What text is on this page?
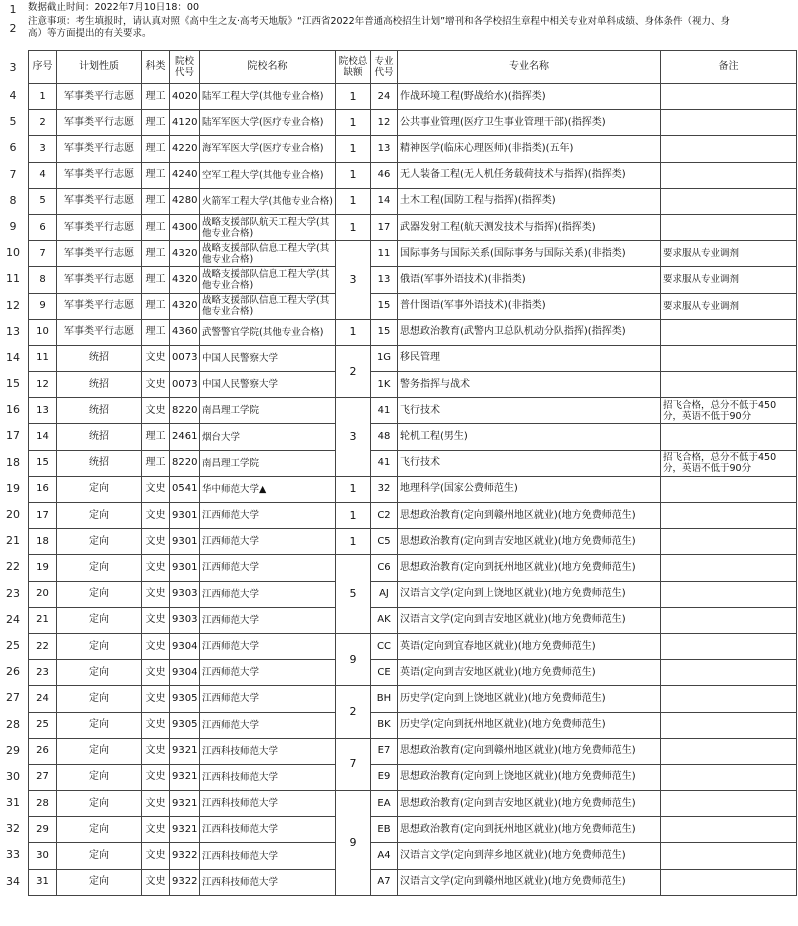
1
2
3
4
5
6
7
8
9
10
11
12
13
14
15
16
17
18
19
20
21
22
23
24
25
26
27
28
29
30
31
32
33
34
数据截止时间：2022年7月10日18：00
注意事项：考生填报时，请认真对照《高中生之友·高考天地版》“江西省2022年普通高校招生计划”增刊和各学校招生章程中相关专业对单科成绩、身体条件（视力、身
高）等方面提出的有关要求。
序号	计划性质	科类	院校代号	院校名称	院校总缺额	专业代号	专业名称	备注
1	军事类平行志愿	理工	4020	陆军工程大学(其他专业合格)	1	24	作战环境工程(野战给水)(指挥类)	
2	军事类平行志愿	理工	4120	陆军军医大学(医疗专业合格)	1	12	公共事业管理(医疗卫生事业管理干部)(指挥类)	
3	军事类平行志愿	理工	4220	海军军医大学(医疗专业合格)	1	13	精神医学(临床心理医师)(非指类)(五年)	
4	军事类平行志愿	理工	4240	空军工程大学(其他专业合格)	1	46	无人装备工程(无人机任务载荷技术与指挥)(指挥类)	
5	军事类平行志愿	理工	4280	火箭军工程大学(其他专业合格)	1	14	土木工程(国防工程与指挥)(指挥类)	
6	军事类平行志愿	理工	4300	战略支援部队航天工程大学(其他专业合格)	1	17	武器发射工程(航天测发技术与指挥)(指挥类)	
7	军事类平行志愿	理工	4320	战略支援部队信息工程大学(其他专业合格)	3	11	国际事务与国际关系(国际事务与国际关系)(非指类)	要求服从专业调剂
8	军事类平行志愿	理工	4320	战略支援部队信息工程大学(其他专业合格)		13	俄语(军事外语技术)(非指类)	要求服从专业调剂
9	军事类平行志愿	理工	4320	战略支援部队信息工程大学(其他专业合格)		15	普什图语(军事外语技术)(非指类)	要求服从专业调剂
10	军事类平行志愿	理工	4360	武警警官学院(其他专业合格)	1	15	思想政治教育(武警内卫总队机动分队指挥)(指挥类)	
11	统招	文史	0073	中国人民警察大学	2	1G	移民管理	
12	统招	文史	0073	中国人民警察大学		1K	警务指挥与战术	
13	统招	文史	8220	南昌理工学院	3	41	飞行技术	招飞合格，总分不低于450分，英语不低于90分
14	统招	理工	2461	烟台大学		48	轮机工程(男生)	
15	统招	理工	8220	南昌理工学院		41	飞行技术	招飞合格，总分不低于450分，英语不低于90分
16	定向	文史	0541	华中师范大学▲	1	32	地理科学(国家公费师范生)	
17	定向	文史	9301	江西师范大学	1	C2	思想政治教育(定向到赣州地区就业)(地方免费师范生)	
18	定向	文史	9301	江西师范大学	1	C5	思想政治教育(定向到吉安地区就业)(地方免费师范生)	
19	定向	文史	9301	江西师范大学	5	C6	思想政治教育(定向到抚州地区就业)(地方免费师范生)	
20	定向	文史	9303	江西师范大学		AJ	汉语言文学(定向到上饶地区就业)(地方免费师范生)	
21	定向	文史	9303	江西师范大学		AK	汉语言文学(定向到吉安地区就业)(地方免费师范生)	
22	定向	文史	9304	江西师范大学	9	CC	英语(定向到宜春地区就业)(地方免费师范生)	
23	定向	文史	9304	江西师范大学		CE	英语(定向到吉安地区就业)(地方免费师范生)	
24	定向	文史	9305	江西师范大学	2	BH	历史学(定向到上饶地区就业)(地方免费师范生)	
25	定向	文史	9305	江西师范大学		BK	历史学(定向到抚州地区就业)(地方免费师范生)	
26	定向	文史	9321	江西科技师范大学	7	E7	思想政治教育(定向到赣州地区就业)(地方免费师范生)	
27	定向	文史	9321	江西科技师范大学		E9	思想政治教育(定向到上饶地区就业)(地方免费师范生)	
28	定向	文史	9321	江西科技师范大学	9	EA	思想政治教育(定向到吉安地区就业)(地方免费师范生)	
29	定向	文史	9321	江西科技师范大学		EB	思想政治教育(定向到抚州地区就业)(地方免费师范生)	
30	定向	文史	9322	江西科技师范大学		A4	汉语言文学(定向到萍乡地区就业)(地方免费师范生)	
31	定向	文史	9322	江西科技师范大学		A7	汉语言文学(定向到赣州地区就业)(地方免费师范生)	
